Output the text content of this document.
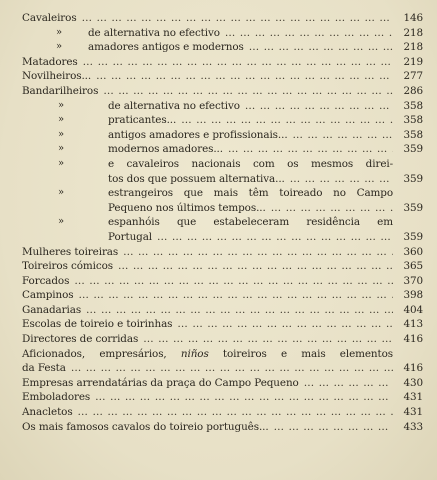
Cavaleiros … … … … … … … … … … … … … … … … … … … … … … … … … … … … … … … … … … … …	146
» de alternativa no efectivo … … … … … … … … … … … … … … … … … … … … … … … … … … … … … … … … … … … …	218
» amadores antigos e modernos … … … … … … … … … … … … … … … … … … … … … … … … … … … … … … … … … … … …	218
Matadores … … … … … … … … … … … … … … … … … … … … … … … … … … … … … … … … … … … …	219
Novilheiros... … … … … … … … … … … … … … … … … … … … … … … … … … … … … … … … … … … … …	277
Bandarilheiros … … … … … … … … … … … … … … … … … … … … … … … … … … … … … … … … … … … …	286
»	de alternativa no efectivo … … … … … … … … … … … … … … … … … … … … … … … … … … … … … … … … … … … …	358
»	praticantes... … … … … … … … … … … … … … … … … … … … … … … … … … … … … … … … … … … … …	358
»	antigos amadores e profissionais... … … … … … … … … … … … … … … … … … … … … … … … … … … … … … … … … … … … …	358
»	modernos amadores... … … … … … … … … … … … … … … … … … … … … … … … … … … … … … … … … … … … …	359
»	e cavaleiros nacionais com os mesmos direi-
tos dos que possuem alternativa... … … … … … … … … … … … … … … … … … … … … … … … … … … … … … … … … … … … …	359
»	estrangeiros que mais têm toireado no Campo
Pequeno nos últimos tempos... … … … … … … … … … … … … … … … … … … … … … … … … … … … … … … … … … … … …	359
»	espanhóis que estabeleceram residência em
Portugal … … … … … … … … … … … … … … … … … … … … … … … … … … … … … … … … … … … …	359
Mulheres toireiras … … … … … … … … … … … … … … … … … … … … … … … … … … … … … … … … … … … …	360
Toireiros cómicos … … … … … … … … … … … … … … … … … … … … … … … … … … … … … … … … … … … …	365
Forcados … … … … … … … … … … … … … … … … … … … … … … … … … … … … … … … … … … … …	370
Campinos … … … … … … … … … … … … … … … … … … … … … … … … … … … … … … … … … … … …	398
Ganadarias … … … … … … … … … … … … … … … … … … … … … … … … … … … … … … … … … … … …	404
Escolas de toireio e toirinhas … … … … … … … … … … … … … … … … … … … … … … … … … … … … … … … … … … … …	413
Directores de corridas … … … … … … … … … … … … … … … … … … … … … … … … … … … … … … … … … … … …	416
Aficionados, empresários, niños toireiros e mais elementos
da Festa … … … … … … … … … … … … … … … … … … … … … … … … … … … … … … … … … … … …	416
Empresas arrendatárias da praça do Campo Pequeno … … … … … … … … … … … … … … … … … … … … … … … … … … … … … … … … … … … …	430
Emboladores … … … … … … … … … … … … … … … … … … … … … … … … … … … … … … … … … … … …	431
Anacletos … … … … … … … … … … … … … … … … … … … … … … … … … … … … … … … … … … … …	431
Os mais famosos cavalos do toireio português... … … … … … … … … … … … … … … … … … … … … … … … … … … … … … … … … … … … …	433
